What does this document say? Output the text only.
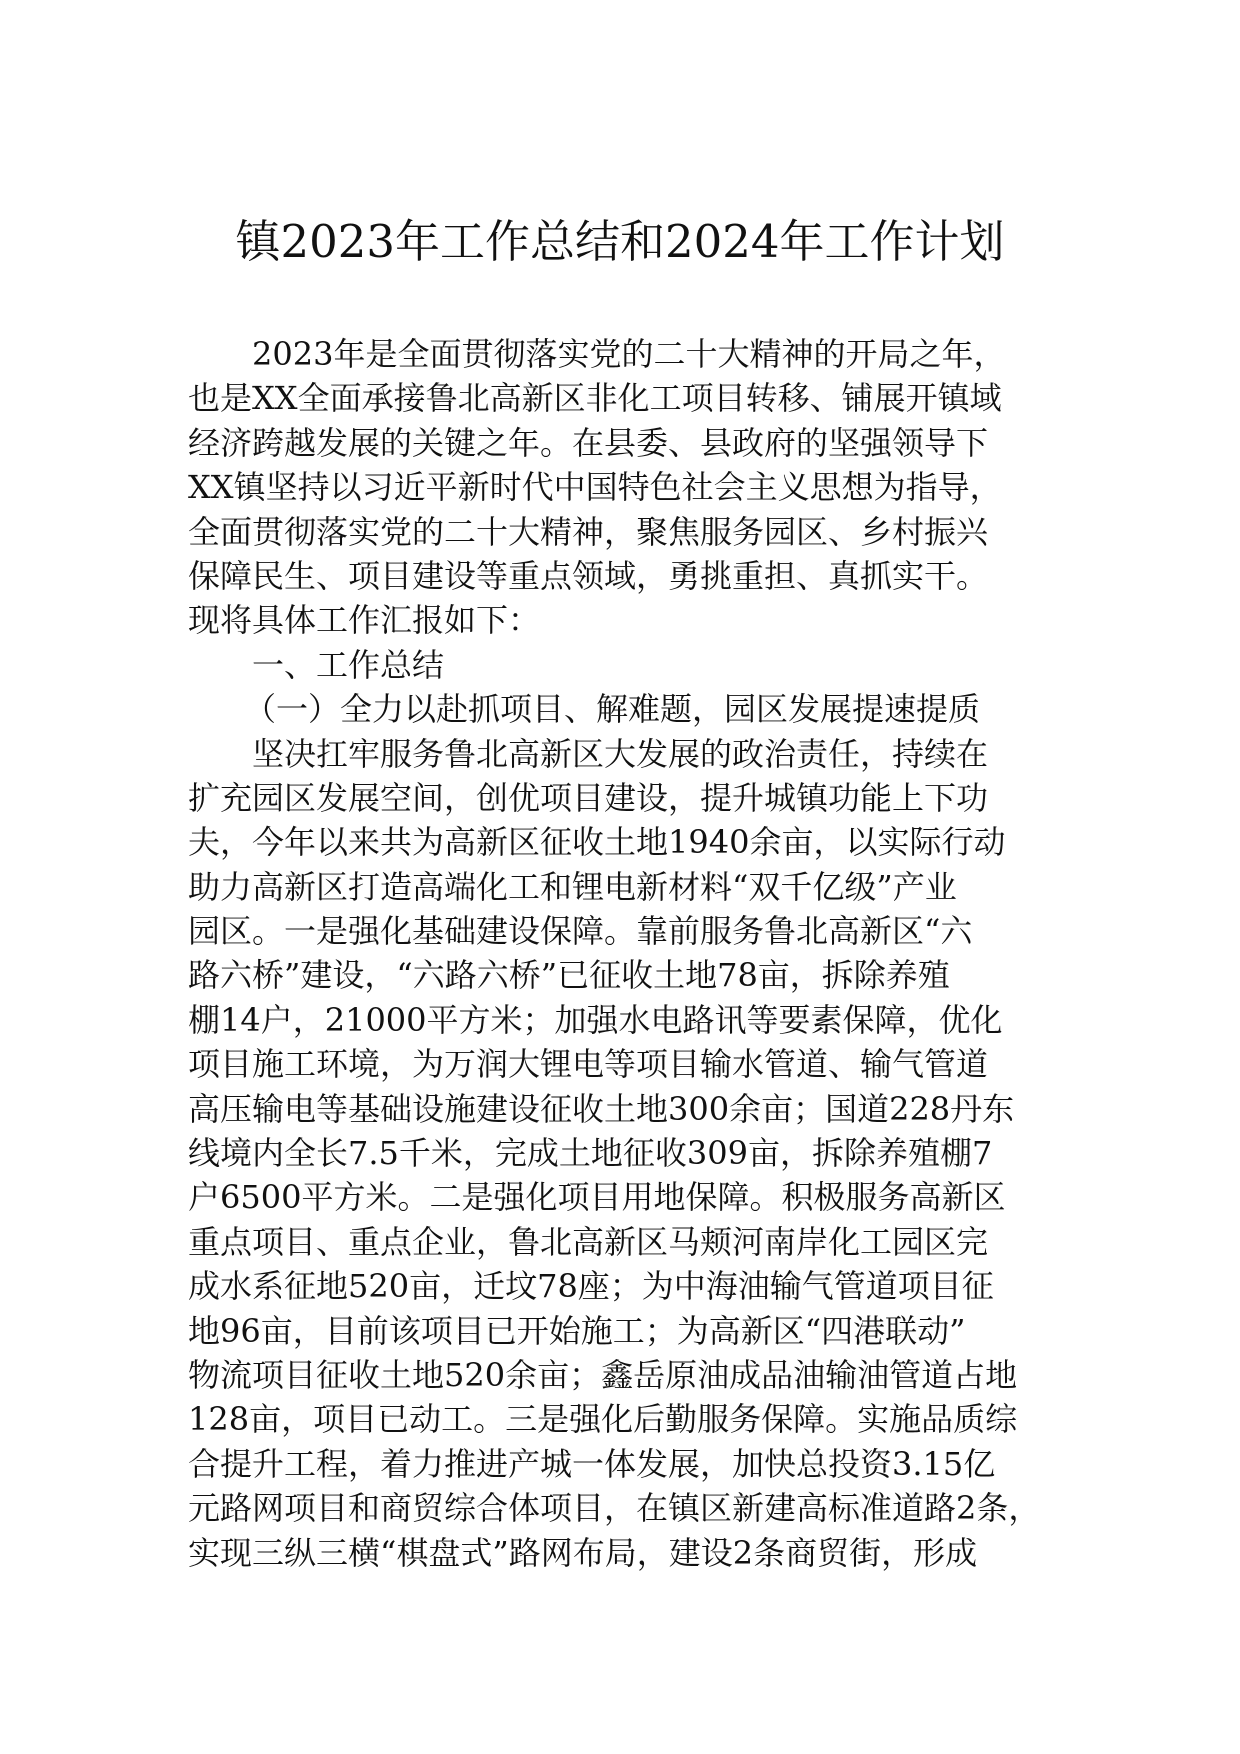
镇2023年工作总结和2024年工作计划
2023年是全面贯彻落实党的二十大精神的开局之年，
也是XX全面承接鲁北高新区非化工项目转移、铺展开镇域
经济跨越发展的关键之年。在县委、县政府的坚强领导下
XX镇坚持以习近平新时代中国特色社会主义思想为指导，
全面贯彻落实党的二十大精神，聚焦服务园区、乡村振兴
保障民生、项目建设等重点领域，勇挑重担、真抓实干。
现将具体工作汇报如下：
一、工作总结
（一）全力以赴抓项目、解难题，园区发展提速提质
坚决扛牢服务鲁北高新区大发展的政治责任，持续在
扩充园区发展空间，创优项目建设，提升城镇功能上下功
夫，今年以来共为高新区征收土地1940余亩，以实际行动
助力高新区打造高端化工和锂电新材料“双千亿级”产业
园区。一是强化基础建设保障。靠前服务鲁北高新区“六
路六桥”建设，“六路六桥”已征收土地78亩，拆除养殖
棚14户，21000平方米；加强水电路讯等要素保障，优化
项目施工环境，为万润大锂电等项目输水管道、输气管道
高压输电等基础设施建设征收土地300余亩；国道228丹东
线境内全长7.5千米，完成土地征收309亩，拆除养殖棚7
户6500平方米。二是强化项目用地保障。积极服务高新区
重点项目、重点企业，鲁北高新区马颊河南岸化工园区完
成水系征地520亩，迁坟78座；为中海油输气管道项目征
地96亩，目前该项目已开始施工；为高新区“四港联动”
物流项目征收土地520余亩；鑫岳原油成品油输油管道占地
128亩，项目已动工。三是强化后勤服务保障。实施品质综
合提升工程，着力推进产城一体发展，加快总投资3.15亿
元路网项目和商贸综合体项目，在镇区新建高标准道路2条，
实现三纵三横“棋盘式”路网布局，建设2条商贸街，形成
